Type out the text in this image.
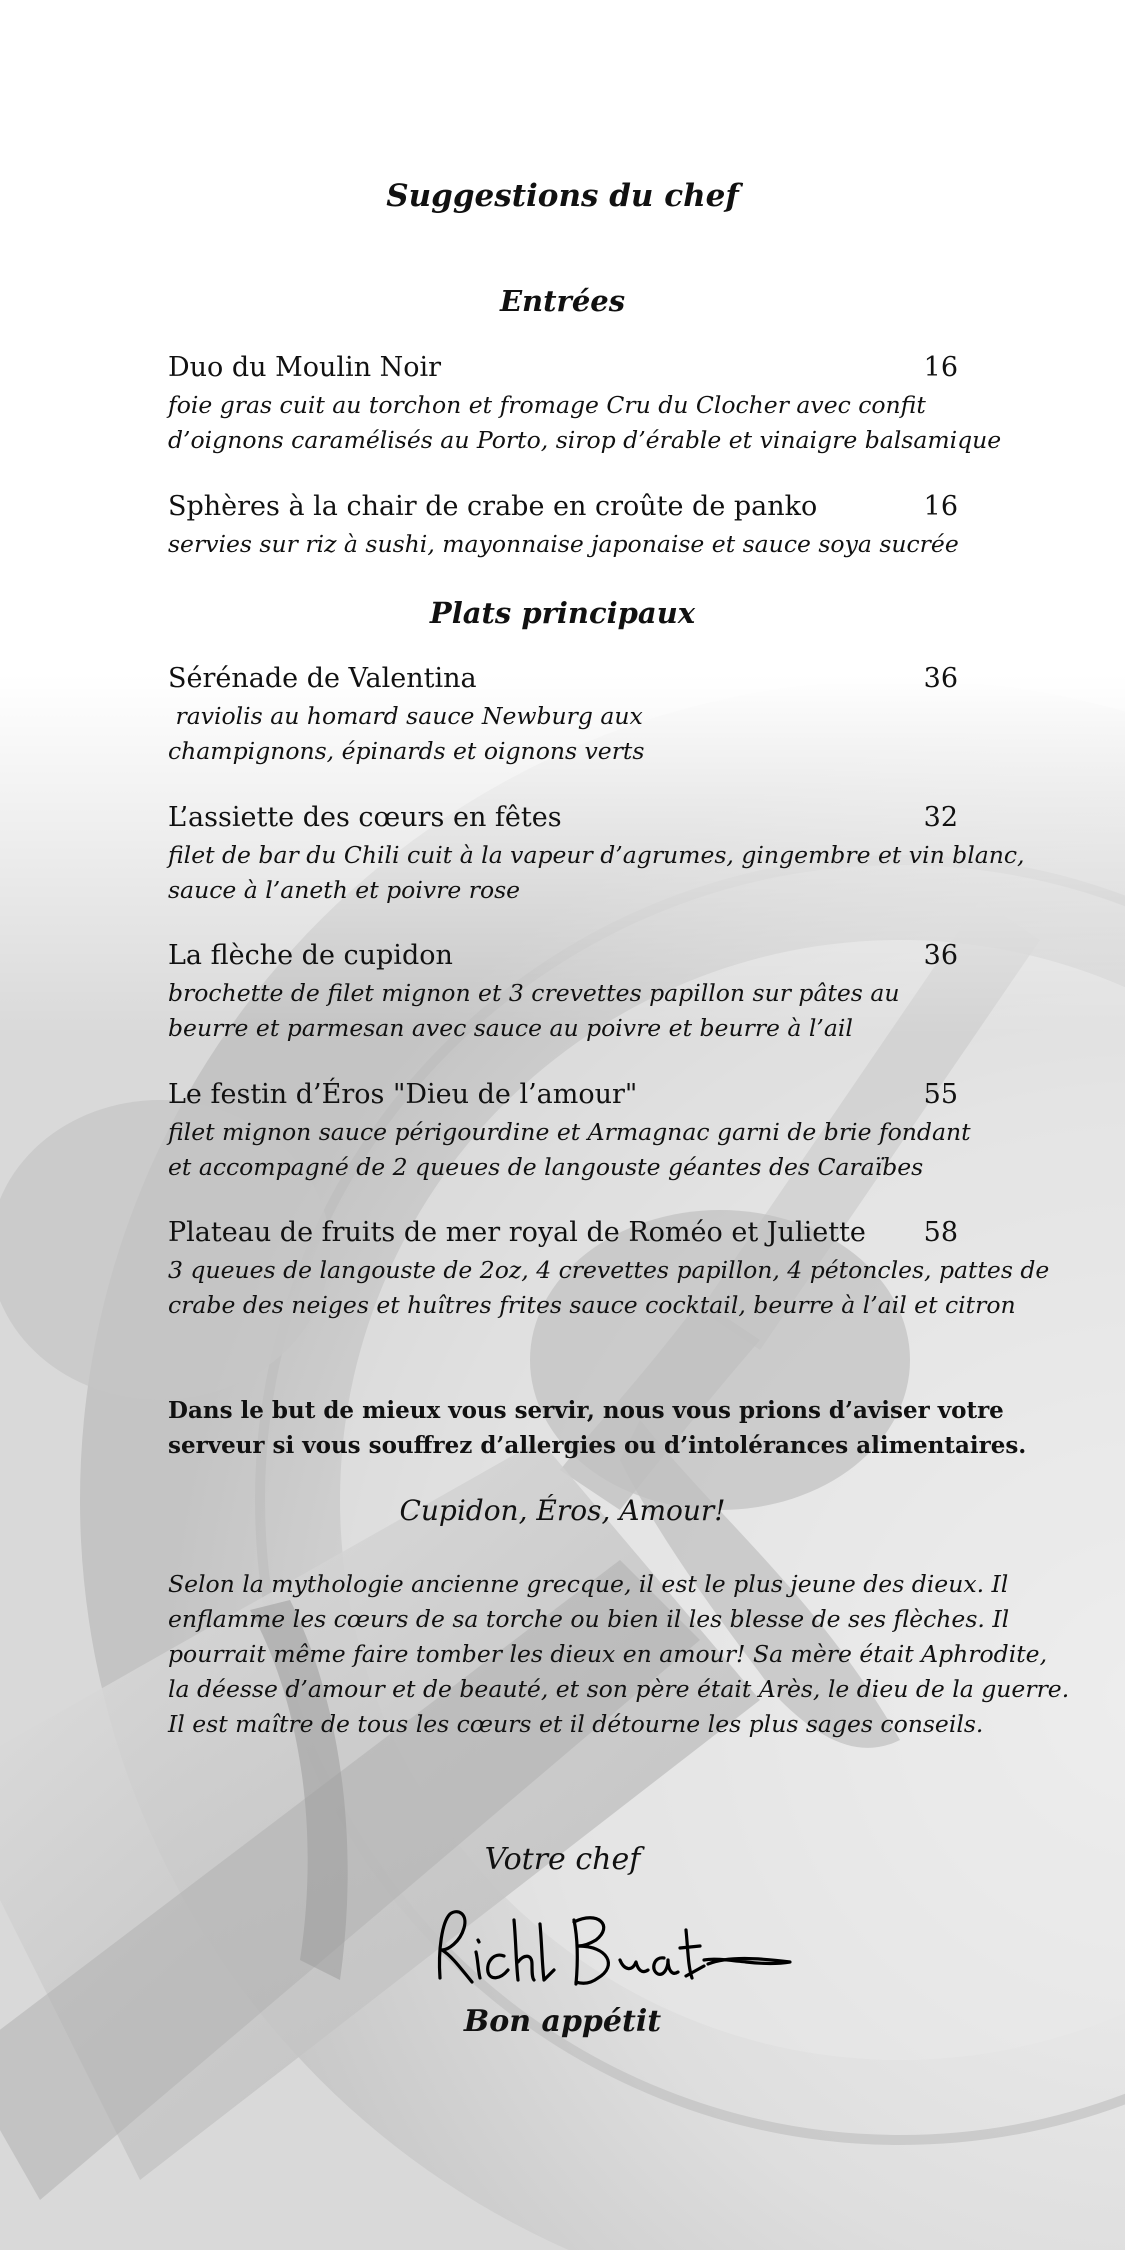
Suggestions du chef
Entrées
Duo du Moulin Noir	16
foie gras cuit au torchon et fromage Cru du Clocher avec confit
d’oignons caramélisés au Porto, sirop d’érable et vinaigre balsamique
Sphères à la chair de crabe en croûte de panko	16
servies sur riz à sushi, mayonnaise japonaise et sauce soya sucrée
Plats principaux
Sérénade de Valentina	36
raviolis au homard sauce Newburg aux
champignons, épinards et oignons verts
L’assiette des cœurs en fêtes	32
filet de bar du Chili cuit à la vapeur d’agrumes, gingembre et vin blanc,
sauce à l’aneth et poivre rose
La flèche de cupidon	36
brochette de filet mignon et 3 crevettes papillon sur pâtes au
beurre et parmesan avec sauce au poivre et beurre à l’ail
Le festin d’Éros "Dieu de l’amour"	55
filet mignon sauce périgourdine et Armagnac garni de brie fondant
et accompagné de 2 queues de langouste géantes des Caraïbes
Plateau de fruits de mer royal de Roméo et Juliette 58
3 queues de langouste de 2oz, 4 crevettes papillon, 4 pétoncles, pattes de
crabe des neiges et huîtres frites sauce cocktail, beurre à l’ail et citron

Dans le but de mieux vous servir, nous vous prions d’aviser votre
serveur si vous souffrez d’allergies ou d’intolérances alimentaires.

Cupidon, Éros, Amour!

Selon la mythologie ancienne grecque, il est le plus jeune des dieux. Il
enflamme les cœurs de sa torche ou bien il les blesse de ses flèches. Il
pourrait même faire tomber les dieux en amour! Sa mère était Aphrodite,
la déesse d’amour et de beauté, et son père était Arès, le dieu de la guerre.
Il est maître de tous les cœurs et il détourne les plus sages conseils.

Votre chef

Bon appétit
